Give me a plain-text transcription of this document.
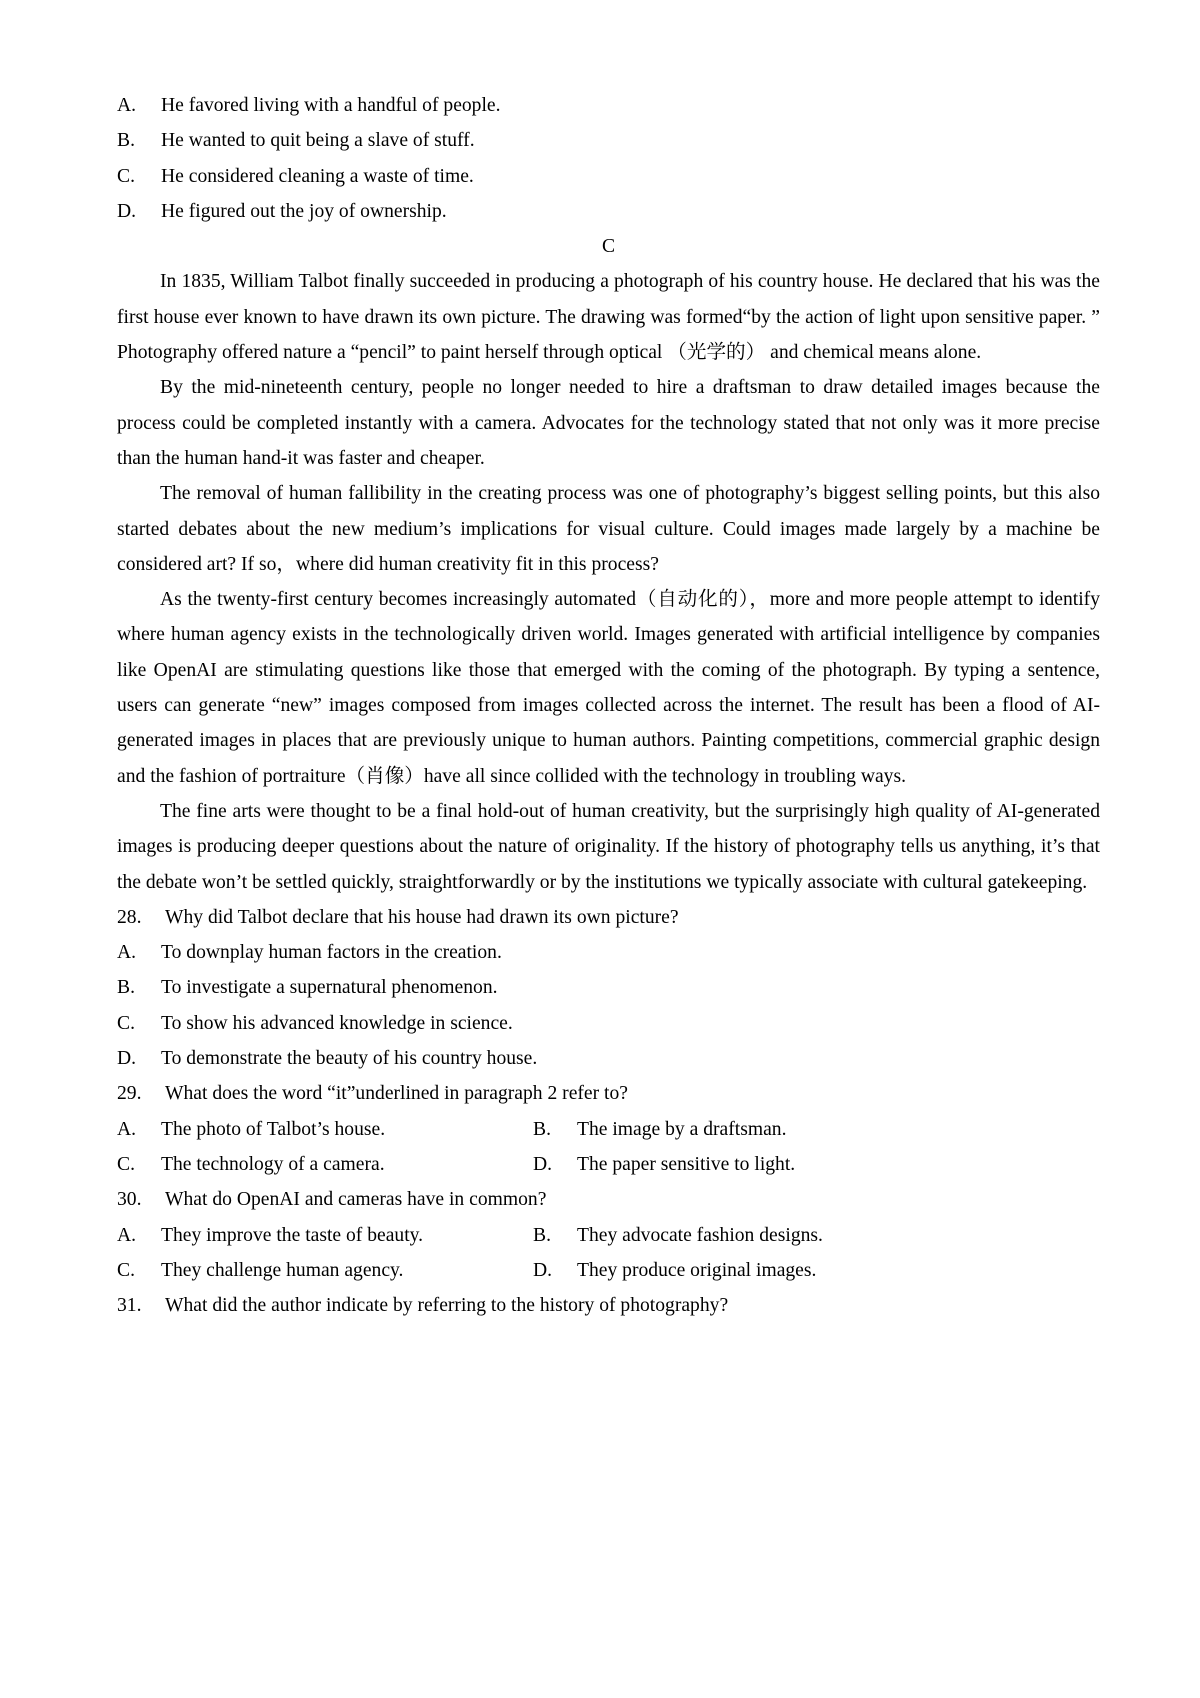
A.	He favored living with a handful of people.
B.	He wanted to quit being a slave of stuff.
C.	He considered cleaning a waste of time.
D.	He figured out the joy of ownership.
C

In 1835, William Talbot finally succeeded in producing a photograph of his country house. He declared that his was the first house ever known to have drawn its own picture. The drawing was formed“by the action of light upon sensitive paper. ” Photography offered nature a “pencil” to paint herself through optical （光学的） and chemical means alone.

By the mid-nineteenth century, people no longer needed to hire a draftsman to draw detailed images because the process could be completed instantly with a camera. Advocates for the technology stated that not only was it more precise than the human hand-it was faster and cheaper.

The removal of human fallibility in the creating process was one of photography’s biggest selling points, but this also started debates about the new medium’s implications for visual culture. Could images made largely by a machine be considered art? If so，where did human creativity fit in this process?

As the twenty-first century becomes increasingly automated（自动化的），more and more people attempt to identify where human agency exists in the technologically driven world. Images generated with artificial intelligence by companies like OpenAI are stimulating questions like those that emerged with the coming of the photograph. By typing a sentence, users can generate “new” images composed from images collected across the internet. The result has been a flood of AI-generated images in places that are previously unique to human authors. Painting competitions, commercial graphic design and the fashion of portraiture（肖像）have all since collided with the technology in troubling ways.

The fine arts were thought to be a final hold-out of human creativity, but the surprisingly high quality of AI-generated images is producing deeper questions about the nature of originality. If the history of photography tells us anything, it’s that the debate won’t be settled quickly, straightforwardly or by the institutions we typically associate with cultural gatekeeping.

28.	Why did Talbot declare that his house had drawn its own picture?
A.	To downplay human factors in the creation.
B.	To investigate a supernatural phenomenon.
C.	To show his advanced knowledge in science.
D.	To demonstrate the beauty of his country house.
29.	What does the word “it”underlined in paragraph 2 refer to?
A.	The photo of Talbot’s house.	B.	The image by a draftsman.
C.	The technology of a camera.	D.	The paper sensitive to light.
30.	What do OpenAI and cameras have in common?
A.	They improve the taste of beauty.	B.	They advocate fashion designs.
C.	They challenge human agency.	D.	They produce original images.
31.	What did the author indicate by referring to the history of photography?
